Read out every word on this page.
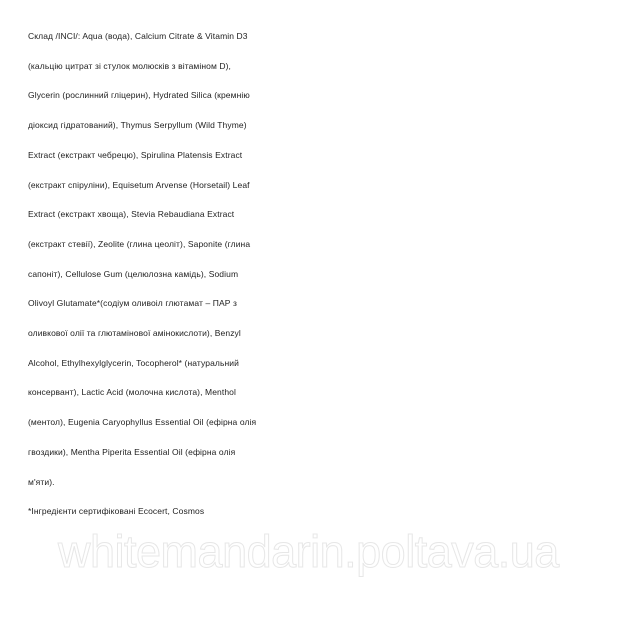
Склад /INCI/: Aqua (вода), Calcium Citrate & Vitamin D3
(кальцію цитрат зі стулок молюсків з вітаміном D),
Glycerin (рослинний гліцерин), Hydrated Silica (кремнію
діоксид гідратований), Thymus Serpyllum (Wild Thyme)
Extract (екстракт чебрецю), Spirulina Platensis Extract
(екстракт спіруліни), Equisetum Arvense (Horsetail) Leaf
Extract (екстракт хвоща), Stevia Rebaudiana Extract
(екстракт стевії), Zeolite (глина цеоліт), Saponite (глина
сапоніт), Cellulose Gum (целюлозна камідь), Sodium
Olivoyl Glutamate*(содіум оливоіл глютамат – ПАР з
оливкової олії та глютамінової амінокислоти), Benzyl
Alcohol, Ethylhexylglycerin, Tocopherol* (натуральний
консервант), Lactic Acid (молочна кислота), Menthol
(ментол), Eugenia Caryophyllus Essential Oil (ефірна олія
гвоздики), Mentha Piperita Essential Oil (ефірна олія
м'яти).
*Інгредієнти сертифіковані Ecocert, Cosmos
whitemandarin.poltava.ua
